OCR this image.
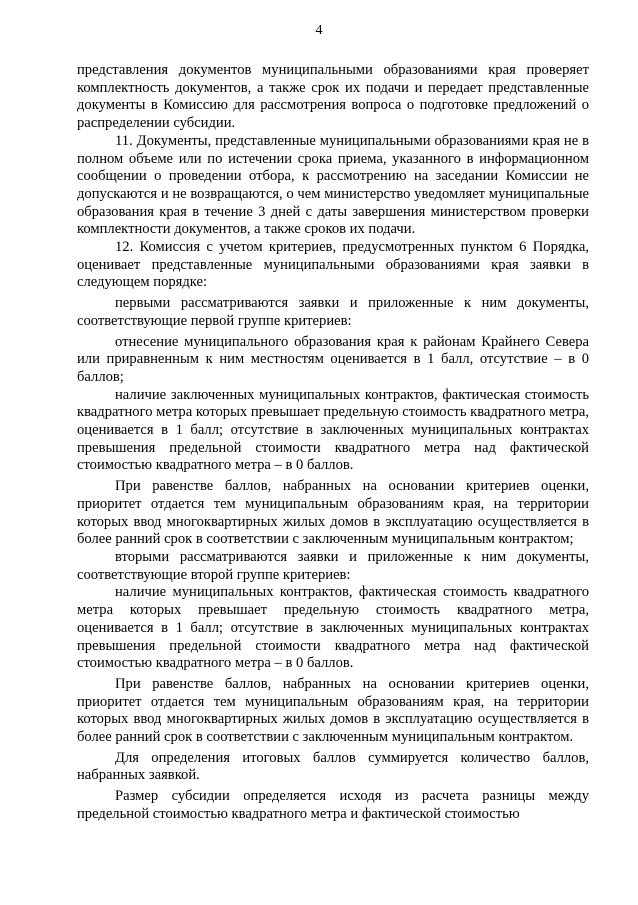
4

представления документов муниципальными образованиями края проверяет комплектность документов, а также срок их подачи и передает представленные документы в Комиссию для рассмотрения вопроса о подготовке предложений о распределении субсидии.

11. Документы, представленные муниципальными образованиями края не в полном объеме или по истечении срока приема, указанного в информационном сообщении о проведении отбора, к рассмотрению на заседании Комиссии не допускаются и не возвращаются, о чем министерство уведомляет муниципальные образования края в течение 3 дней с даты завершения министерством проверки комплектности документов, а также сроков их подачи.

12. Комиссия с учетом критериев, предусмотренных пунктом 6 Порядка, оценивает представленные муниципальными образованиями края заявки в следующем порядке:

первыми рассматриваются заявки и приложенные к ним документы, соответствующие первой группе критериев:

отнесение муниципального образования края к районам Крайнего Севера или приравненным к ним местностям оценивается в 1 балл, отсутствие – в 0 баллов;

наличие заключенных муниципальных контрактов, фактическая стоимость квадратного метра которых превышает предельную стоимость квадратного метра, оценивается в 1 балл; отсутствие в заключенных муниципальных контрактах превышения предельной стоимости квадратного метра над фактической стоимостью квадратного метра – в 0 баллов.

При равенстве баллов, набранных на основании критериев оценки, приоритет отдается тем муниципальным образованиям края, на территории которых ввод многоквартирных жилых домов в эксплуатацию осуществляется в более ранний срок в соответствии с заключенным муниципальным контрактом;

вторыми рассматриваются заявки и приложенные к ним документы, соответствующие второй группе критериев:

наличие муниципальных контрактов, фактическая стоимость квадратного метра которых превышает предельную стоимость квадратного метра, оценивается в 1 балл; отсутствие в заключенных муниципальных контрактах превышения предельной стоимости квадратного метра над фактической стоимостью квадратного метра – в 0 баллов.

При равенстве баллов, набранных на основании критериев оценки, приоритет отдается тем муниципальным образованиям края, на территории которых ввод многоквартирных жилых домов в эксплуатацию осуществляется в более ранний срок в соответствии с заключенным муниципальным контрактом.

Для определения итоговых баллов суммируется количество баллов, набранных заявкой.

Размер субсидии определяется исходя из расчета разницы между предельной стоимостью квадратного метра и фактической стоимостью
